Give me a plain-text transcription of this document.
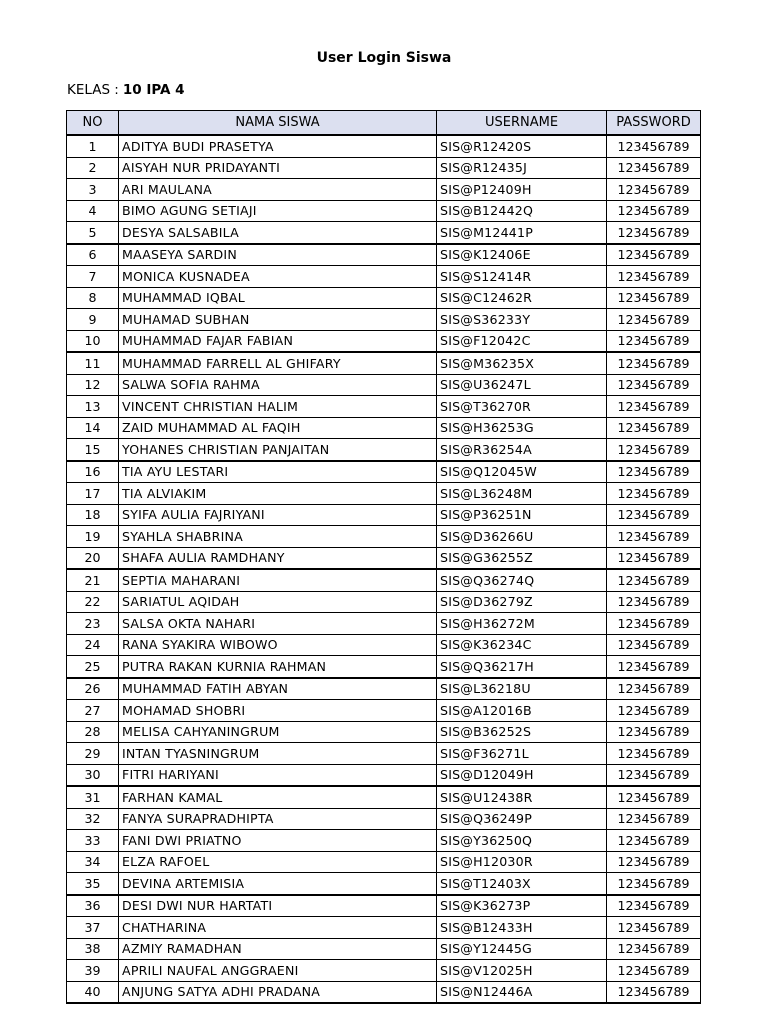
User Login Siswa
KELAS : 10 IPA 4
NO	NAMA SISWA	USERNAME	PASSWORD
1	ADITYA BUDI PRASETYA	SIS@R12420S	123456789
2	AISYAH NUR PRIDAYANTI	SIS@R12435J	123456789
3	ARI MAULANA	SIS@P12409H	123456789
4	BIMO AGUNG SETIAJI	SIS@B12442Q	123456789
5	DESYA SALSABILA	SIS@M12441P	123456789
6	MAASEYA SARDIN	SIS@K12406E	123456789
7	MONICA KUSNADEA	SIS@S12414R	123456789
8	MUHAMMAD IQBAL	SIS@C12462R	123456789
9	MUHAMAD SUBHAN	SIS@S36233Y	123456789
10	MUHAMMAD FAJAR FABIAN	SIS@F12042C	123456789
11	MUHAMMAD FARRELL AL GHIFARY	SIS@M36235X	123456789
12	SALWA SOFIA RAHMA	SIS@U36247L	123456789
13	VINCENT CHRISTIAN HALIM	SIS@T36270R	123456789
14	ZAID MUHAMMAD AL FAQIH	SIS@H36253G	123456789
15	YOHANES CHRISTIAN PANJAITAN	SIS@R36254A	123456789
16	TIA AYU LESTARI	SIS@Q12045W	123456789
17	TIA ALVIAKIM	SIS@L36248M	123456789
18	SYIFA AULIA FAJRIYANI	SIS@P36251N	123456789
19	SYAHLA SHABRINA	SIS@D36266U	123456789
20	SHAFA AULIA RAMDHANY	SIS@G36255Z	123456789
21	SEPTIA MAHARANI	SIS@Q36274Q	123456789
22	SARIATUL AQIDAH	SIS@D36279Z	123456789
23	SALSA OKTA NAHARI	SIS@H36272M	123456789
24	RANA SYAKIRA WIBOWO	SIS@K36234C	123456789
25	PUTRA RAKAN KURNIA RAHMAN	SIS@Q36217H	123456789
26	MUHAMMAD FATIH ABYAN	SIS@L36218U	123456789
27	MOHAMAD SHOBRI	SIS@A12016B	123456789
28	MELISA CAHYANINGRUM	SIS@B36252S	123456789
29	INTAN TYASNINGRUM	SIS@F36271L	123456789
30	FITRI HARIYANI	SIS@D12049H	123456789
31	FARHAN KAMAL	SIS@U12438R	123456789
32	FANYA SURAPRADHIPTA	SIS@Q36249P	123456789
33	FANI DWI PRIATNO	SIS@Y36250Q	123456789
34	ELZA RAFOEL	SIS@H12030R	123456789
35	DEVINA ARTEMISIA	SIS@T12403X	123456789
36	DESI DWI NUR HARTATI	SIS@K36273P	123456789
37	CHATHARINA	SIS@B12433H	123456789
38	AZMIY RAMADHAN	SIS@Y12445G	123456789
39	APRILI NAUFAL ANGGRAENI	SIS@V12025H	123456789
40	ANJUNG SATYA ADHI PRADANA	SIS@N12446A	123456789
